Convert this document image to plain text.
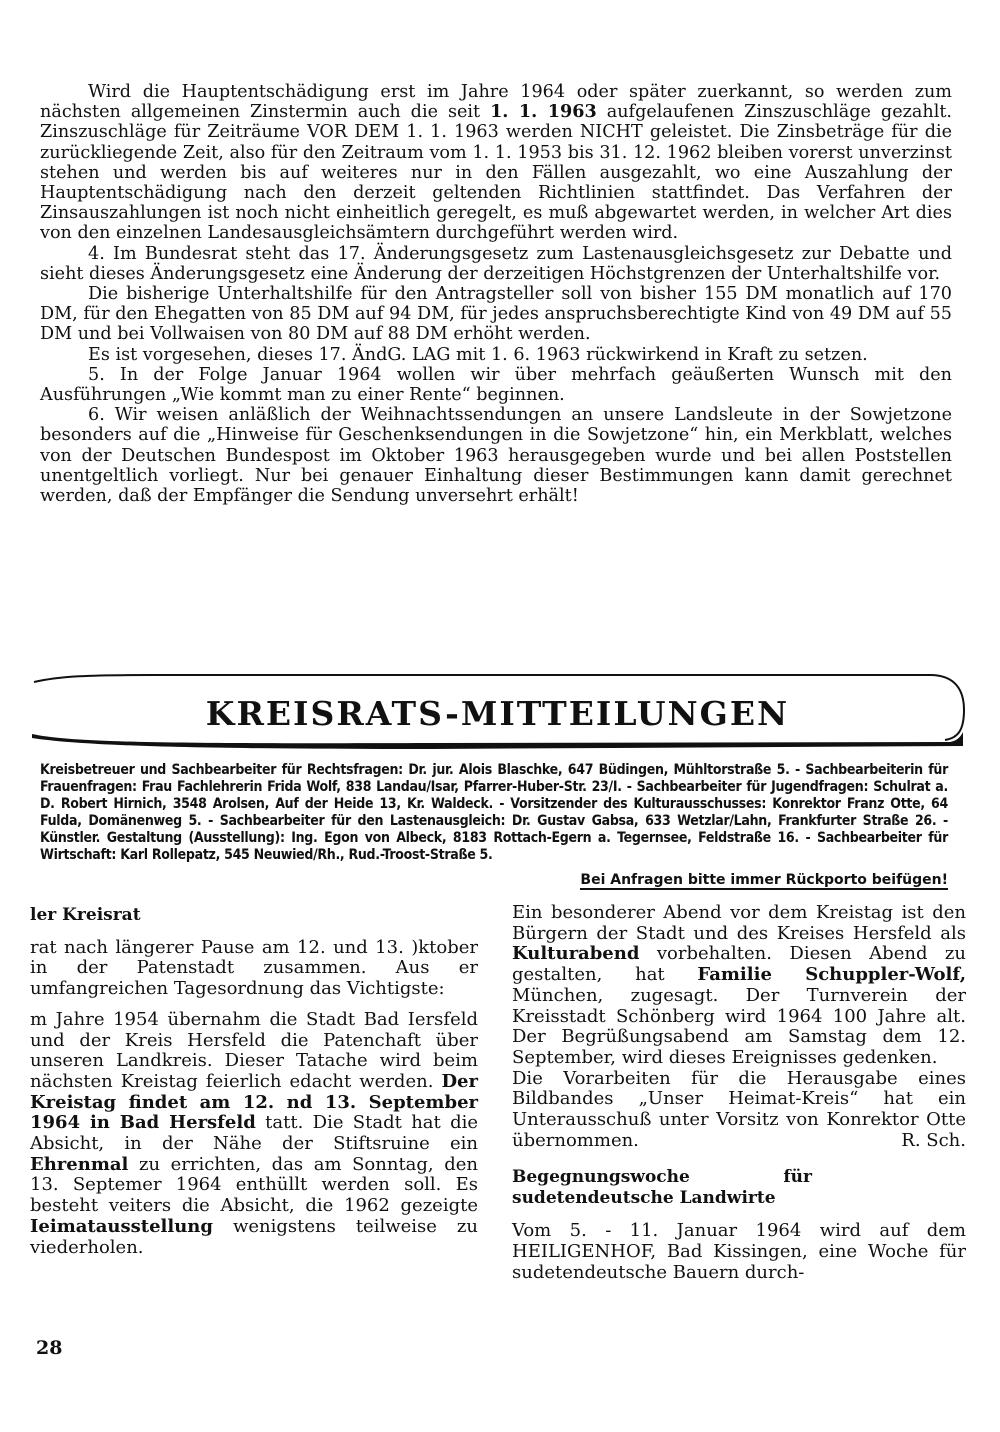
Wird die Hauptentschädigung erst im Jahre 1964 oder später zuerkannt, so werden zum nächsten allgemeinen Zinstermin auch die seit 1. 1. 1963 aufgelaufenen Zinszuschläge gezahlt. Zinszuschläge für Zeiträume VOR DEM 1. 1. 1963 werden NICHT geleistet. Die Zinsbeträge für die zurückliegende Zeit, also für den Zeitraum vom 1. 1. 1953 bis 31. 12. 1962 bleiben vorerst unverzinst stehen und werden bis auf weiteres nur in den Fällen ausgezahlt, wo eine Auszahlung der Hauptentschädigung nach den derzeit geltenden Richtlinien stattfindet. Das Verfahren der Zinsauszahlungen ist noch nicht einheitlich geregelt, es muß abgewartet werden, in welcher Art dies von den einzelnen Landesausgleichsämtern durchgeführt werden wird.

4. Im Bundesrat steht das 17. Änderungsgesetz zum Lastenausgleichsgesetz zur Debatte und sieht dieses Änderungsgesetz eine Änderung der derzeitigen Höchstgrenzen der Unterhaltshilfe vor.

Die bisherige Unterhaltshilfe für den Antragsteller soll von bisher 155 DM monatlich auf 170 DM, für den Ehegatten von 85 DM auf 94 DM, für jedes anspruchsberechtigte Kind von 49 DM auf 55 DM und bei Vollwaisen von 80 DM auf 88 DM erhöht werden.

Es ist vorgesehen, dieses 17. ÄndG. LAG mit 1. 6. 1963 rückwirkend in Kraft zu setzen.

5. In der Folge Januar 1964 wollen wir über mehrfach geäußerten Wunsch mit den Ausführungen „Wie kommt man zu einer Rente“ beginnen.

6. Wir weisen anläßlich der Weihnachtssendungen an unsere Landsleute in der Sowjetzone besonders auf die „Hinweise für Geschenksendungen in die Sowjetzone“ hin, ein Merkblatt, welches von der Deutschen Bundespost im Oktober 1963 herausgegeben wurde und bei allen Poststellen unentgeltlich vorliegt. Nur bei genauer Einhaltung dieser Bestimmungen kann damit gerechnet werden, daß der Empfänger die Sendung unversehrt erhält!

KREISRATS-MITTEILUNGEN

Kreisbetreuer und Sachbearbeiter für Rechtsfragen: Dr. jur. Alois Blaschke, 647 Büdingen, Mühltorstraße 5. - Sachbearbeiterin für Frauenfragen: Frau Fachlehrerin Frida Wolf, 838 Landau/Isar, Pfarrer-Huber-Str. 23/I. - Sachbearbeiter für Jugendfragen: Schulrat a. D. Robert Hirnich, 3548 Arolsen, Auf der Heide 13, Kr. Waldeck. - Vorsitzender des Kulturausschusses: Konrektor Franz Otte, 64 Fulda, Domänenweg 5. - Sachbearbeiter für den Lastenausgleich: Dr. Gustav Gabsa, 633 Wetzlar/Lahn, Frankfurter Straße 26. - Künstler. Gestaltung (Ausstellung): Ing. Egon von Albeck, 8183 Rottach-Egern a. Tegernsee, Feldstraße 16. - Sachbearbeiter für Wirtschaft: Karl Rollepatz, 545 Neuwied/Rh., Rud.-Troost-Straße 5.

Bei Anfragen bitte immer Rückporto beifügen!

ler Kreisrat

rat nach längerer Pause am 12. und 13. )ktober in der Patenstadt zusammen. Aus er umfangreichen Tagesordnung das Vichtigste:

m Jahre 1954 übernahm die Stadt Bad Iersfeld und der Kreis Hersfeld die Patenchaft über unseren Landkreis. Dieser Tatache wird beim nächsten Kreistag feierlich edacht werden. Der Kreistag findet am 12. nd 13. September 1964 in Bad Hersfeld tatt. Die Stadt hat die Absicht, in der Nähe der Stiftsruine ein Ehrenmal zu errichten, das am Sonntag, den 13. Septemer 1964 enthüllt werden soll. Es besteht veiters die Absicht, die 1962 gezeigte Ieimatausstellung wenigstens teilweise zu viederholen.

Ein besonderer Abend vor dem Kreistag ist den Bürgern der Stadt und des Kreises Hersfeld als Kulturabend vorbehalten. Diesen Abend zu gestalten, hat Familie Schuppler-Wolf, München, zugesagt. Der Turnverein der Kreisstadt Schönberg wird 1964 100 Jahre alt. Der Begrüßungsabend am Samstag dem 12. September, wird dieses Ereignisses gedenken.

Die Vorarbeiten für die Herausgabe eines Bildbandes „Unser Heimat-Kreis“ hat ein Unterausschuß unter Vorsitz von Konrektor Otte übernommen.	R. Sch.

Begegnungswoche für sudetendeutsche Landwirte

Vom 5. - 11. Januar 1964 wird auf dem HEILIGENHOF, Bad Kissingen, eine Woche für sudetendeutsche Bauern durch-

28
